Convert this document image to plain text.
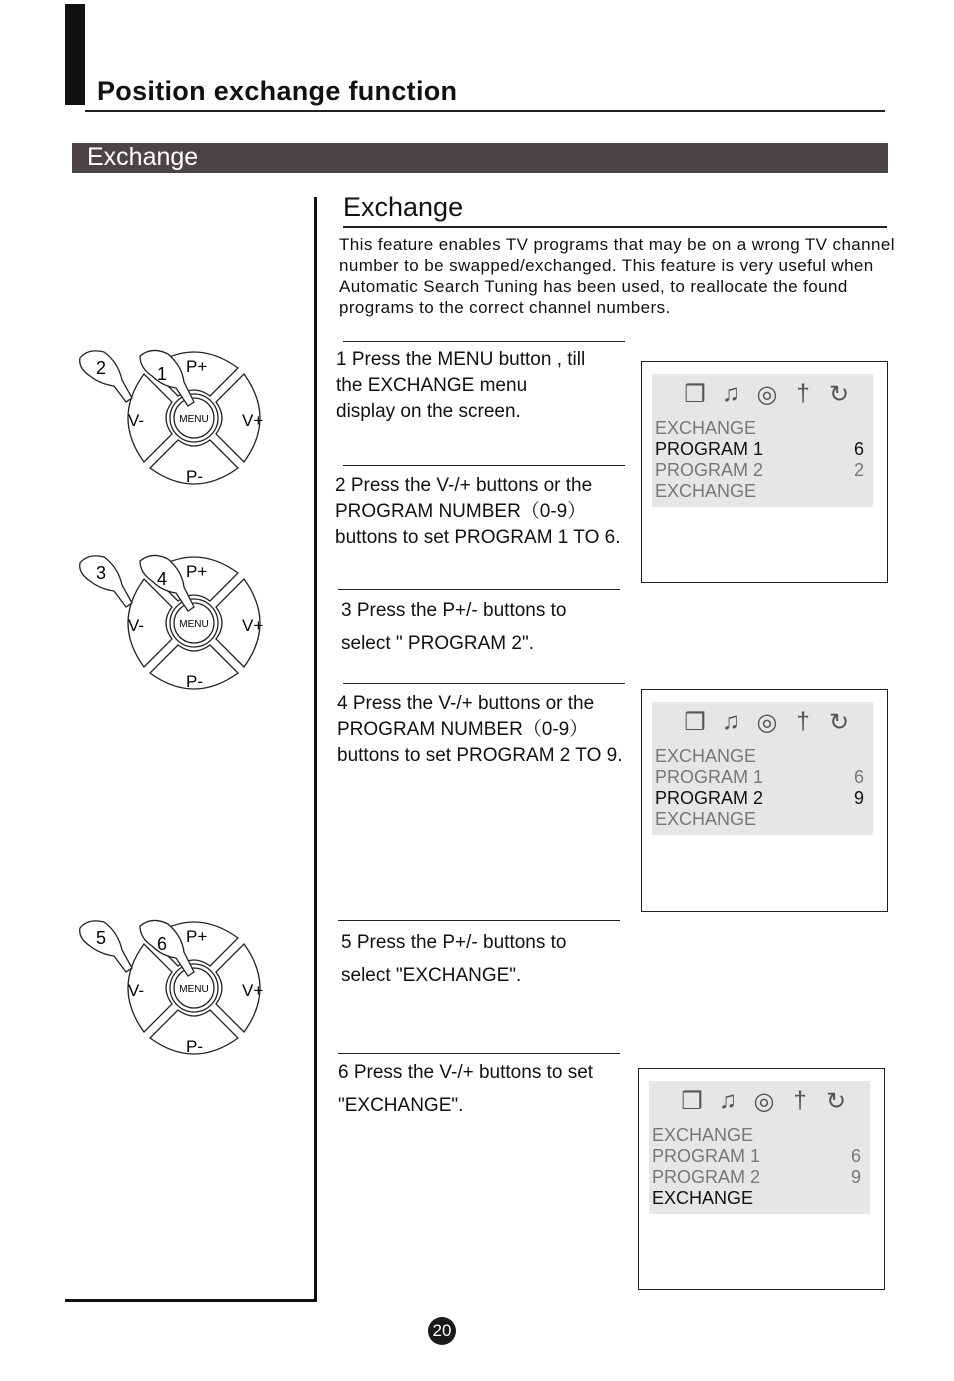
Position exchange function
Exchange
Exchange
This feature enables TV programs that may be on a wrong TV channel number to be swapped/exchanged. This feature is very useful when Automatic Search Tuning has been used, to reallocate the found programs to the correct channel numbers.
P+
P-
V-	V+
MENU
2	1
P+
P-
V-	V+
MENU
3	4
P+
P-
V-	V+
MENU
5	6
1 Press the MENU button , till the EXCHANGE menu display on the screen.
2 Press the V-/+ buttons or the PROGRAM NUMBER（0-9） buttons to set PROGRAM 1 TO 6.
3 Press the P+/- buttons to select " PROGRAM 2".
4 Press the V-/+ buttons or the PROGRAM NUMBER（0-9） buttons to set PROGRAM 2 TO 9.
5 Press the P+/- buttons to select "EXCHANGE".
6 Press the V-/+ buttons to set "EXCHANGE".
❒ ♫ ◎ † ↻
EXCHANGE
PROGRAM 1	6
PROGRAM 2	2
EXCHANGE
❒ ♫ ◎ † ↻
EXCHANGE
PROGRAM 1	6
PROGRAM 2	9
EXCHANGE
❒ ♫ ◎ † ↻
EXCHANGE
PROGRAM 1	6
PROGRAM 2	9
EXCHANGE
20
